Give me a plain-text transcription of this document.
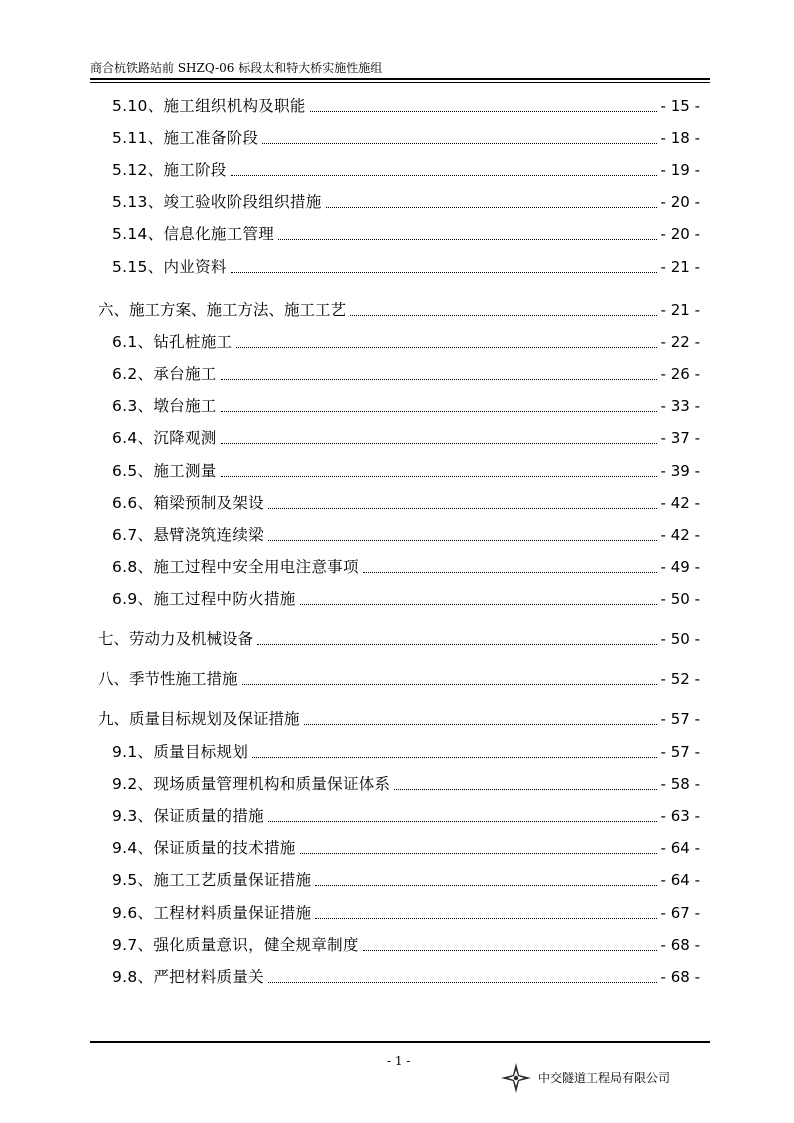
商合杭铁路站前 SHZQ-06 标段太和特大桥实施性施组
5.10、施工组织机构及职能	- 15 -
5.11、施工准备阶段	- 18 -
5.12、施工阶段	- 19 -
5.13、竣工验收阶段组织措施	- 20 -
5.14、信息化施工管理	- 20 -
5.15、内业资料	- 21 -
六、施工方案、施工方法、施工工艺	- 21 -
6.1、钻孔桩施工	- 22 -
6.2、承台施工	- 26 -
6.3、墩台施工	- 33 -
6.4、沉降观测	- 37 -
6.5、施工测量	- 39 -
6.6、箱梁预制及架设	- 42 -
6.7、悬臂浇筑连续梁	- 42 -
6.8、施工过程中安全用电注意事项	- 49 -
6.9、施工过程中防火措施	- 50 -
七、劳动力及机械设备	- 50 -
八、季节性施工措施	- 52 -
九、质量目标规划及保证措施	- 57 -
9.1、质量目标规划	- 57 -
9.2、现场质量管理机构和质量保证体系	- 58 -
9.3、保证质量的措施	- 63 -
9.4、保证质量的技术措施	- 64 -
9.5、施工工艺质量保证措施	- 64 -
9.6、工程材料质量保证措施	- 67 -
9.7、强化质量意识，健全规章制度	- 68 -
9.8、严把材料质量关	- 68 -
- 1 -
中交隧道工程局有限公司
